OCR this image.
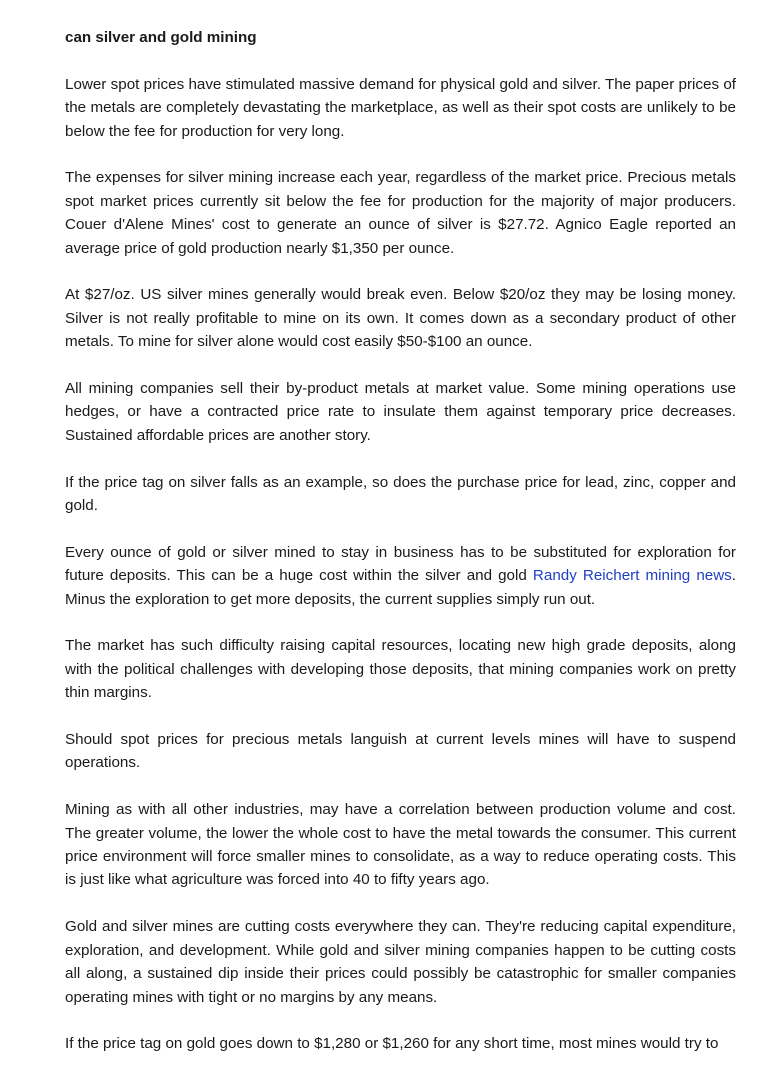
can silver and gold mining

Lower spot prices have stimulated massive demand for physical gold and silver. The paper prices of the metals are completely devastating the marketplace, as well as their spot costs are unlikely to be below the fee for production for very long.

The expenses for silver mining increase each year, regardless of the market price. Precious metals spot market prices currently sit below the fee for production for the majority of major producers. Couer d'Alene Mines' cost to generate an ounce of silver is $27.72. Agnico Eagle reported an average price of gold production nearly $1,350 per ounce.

At $27/oz. US silver mines generally would break even. Below $20/oz they may be losing money. Silver is not really profitable to mine on its own. It comes down as a secondary product of other metals. To mine for silver alone would cost easily $50-$100 an ounce.

All mining companies sell their by-product metals at market value. Some mining operations use hedges, or have a contracted price rate to insulate them against temporary price decreases. Sustained affordable prices are another story.

If the price tag on silver falls as an example, so does the purchase price for lead, zinc, copper and gold.

Every ounce of gold or silver mined to stay in business has to be substituted for exploration for future deposits. This can be a huge cost within the silver and gold Randy Reichert mining news. Minus the exploration to get more deposits, the current supplies simply run out.

The market has such difficulty raising capital resources, locating new high grade deposits, along with the political challenges with developing those deposits, that mining companies work on pretty thin margins.

Should spot prices for precious metals languish at current levels mines will have to suspend operations.

Mining as with all other industries, may have a correlation between production volume and cost. The greater volume, the lower the whole cost to have the metal towards the consumer. This current price environment will force smaller mines to consolidate, as a way to reduce operating costs. This is just like what agriculture was forced into 40 to fifty years ago.

Gold and silver mines are cutting costs everywhere they can. They're reducing capital expenditure, exploration, and development. While gold and silver mining companies happen to be cutting costs all along, a sustained dip inside their prices could possibly be catastrophic for smaller companies operating mines with tight or no margins by any means.

If the price tag on gold goes down to $1,280 or $1,260 for any short time, most mines would try to
